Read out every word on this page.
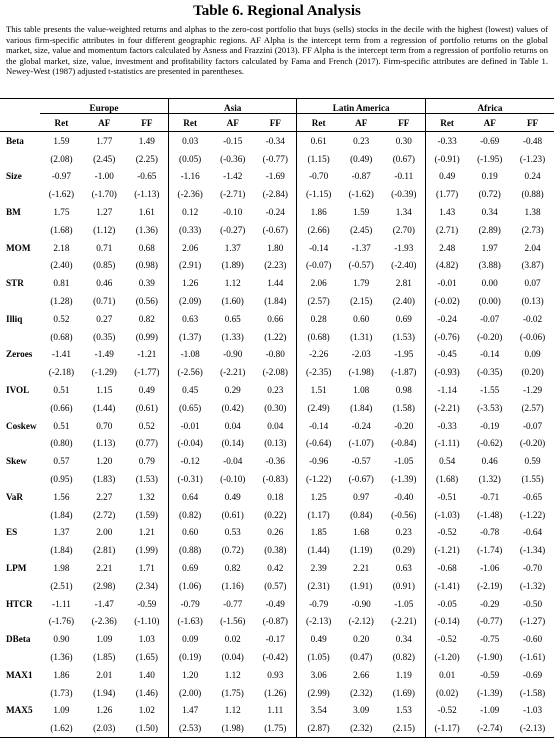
Table 6. Regional Analysis
This table presents the value-weighted returns and alphas to the zero-cost portfolio that buys (sells) stocks in the decile with the highest (lowest) values of various firm-specific attributes in four different geographic regions. AF Alpha is the intercept term from a regression of portfolio returns on the global market, size, value and momentum factors calculated by Asness and Frazzini (2013). FF Alpha is the intercept term from a regression of portfolio returns on the global market, size, value, investment and profitability factors calculated by Fama and French (2017). Firm-specific attributes are defined in Table 1. Newey-West (1987) adjusted t-statistics are presented in parentheses.
	Europe			Asia			Latin America			Africa		
	Ret	AF	FF	Ret	AF	FF	Ret	AF	FF	Ret	AF	FF
Beta	1.59	1.77	1.49	0.03	-0.15	-0.34	0.61	0.23	0.30	-0.33	-0.69	-0.48
	(2.08)	(2.45)	(2.25)	(0.05)	(-0.36)	(-0.77)	(1.15)	(0.49)	(0.67)	(-0.91)	(-1.95)	(-1.23)
Size	-0.97	-1.00	-0.65	-1.16	-1.42	-1.69	-0.70	-0.87	-0.11	0.49	0.19	0.24
	(-1.62)	(-1.70)	(-1.13)	(-2.36)	(-2.71)	(-2.84)	(-1.15)	(-1.62)	(-0.39)	(1.77)	(0.72)	(0.88)
BM	1.75	1.27	1.61	0.12	-0.10	-0.24	1.86	1.59	1.34	1.43	0.34	1.38
	(1.68)	(1.12)	(1.36)	(0.33)	(-0.27)	(-0.67)	(2.66)	(2.45)	(2.70)	(2.71)	(2.89)	(2.73)
MOM	2.18	0.71	0.68	2.06	1.37	1.80	-0.14	-1.37	-1.93	2.48	1.97	2.04
	(2.40)	(0.85)	(0.98)	(2.91)	(1.89)	(2.23)	(-0.07)	(-0.57)	(-2.40)	(4.82)	(3.88)	(3.87)
STR	0.81	0.46	0.39	1.26	1.12	1.44	2.06	1.79	2.81	-0.01	0.00	0.07
	(1.28)	(0.71)	(0.56)	(2.09)	(1.60)	(1.84)	(2.57)	(2.15)	(2.40)	(-0.02)	(0.00)	(0.13)
Illiq	0.52	0.27	0.82	0.63	0.65	0.66	0.28	0.60	0.69	-0.24	-0.07	-0.02
	(0.68)	(0.35)	(0.99)	(1.37)	(1.33)	(1.22)	(0.68)	(1.31)	(1.53)	(-0.76)	(-0.20)	(-0.06)
Zeroes	-1.41	-1.49	-1.21	-1.08	-0.90	-0.80	-2.26	-2.03	-1.95	-0.45	-0.14	0.09
	(-2.18)	(-1.29)	(-1.77)	(-2.56)	(-2.21)	(-2.08)	(-2.35)	(-1.98)	(-1.87)	(-0.93)	(-0.35)	(0.20)
IVOL	0.51	1.15	0.49	0.45	0.29	0.23	1.51	1.08	0.98	-1.14	-1.55	-1.29
	(0.66)	(1.44)	(0.61)	(0.65)	(0.42)	(0.30)	(2.49)	(1.84)	(1.58)	(-2.21)	(-3.53)	(2.57)
Coskew	0.51	0.70	0.52	-0.01	0.04	0.04	-0.14	-0.24	-0.20	-0.33	-0.19	-0.07
	(0.80)	(1.13)	(0.77)	(-0.04)	(0.14)	(0.13)	(-0.64)	(-1.07)	(-0.84)	(-1.11)	(-0.62)	(-0.20)
Skew	0.57	1.20	0.79	-0.12	-0.04	-0.36	-0.96	-0.57	-1.05	0.54	0.46	0.59
	(0.95)	(1.83)	(1.53)	(-0.31)	(-0.10)	(-0.83)	(-1.22)	(-0.67)	(-1.39)	(1.68)	(1.32)	(1.55)
VaR	1.56	2.27	1.32	0.64	0.49	0.18	1.25	0.97	-0.40	-0.51	-0.71	-0.65
	(1.84)	(2.72)	(1.59)	(0.82)	(0.61)	(0.22)	(1.17)	(0.84)	(-0.56)	(-1.03)	(-1.48)	(-1.22)
ES	1.37	2.00	1.21	0.60	0.53	0.26	1.85	1.68	0.23	-0.52	-0.78	-0.64
	(1.84)	(2.81)	(1.99)	(0.88)	(0.72)	(0.38)	(1.44)	(1.19)	(0.29)	(-1.21)	(-1.74)	(-1.34)
LPM	1.98	2.21	1.71	0.69	0.82	0.42	2.39	2.21	0.63	-0.68	-1.06	-0.70
	(2.51)	(2.98)	(2.34)	(1.06)	(1.16)	(0.57)	(2.31)	(1.91)	(0.91)	(-1.41)	(-2.19)	(-1.32)
HTCR	-1.11	-1.47	-0.59	-0.79	-0.77	-0.49	-0.79	-0.90	-1.05	-0.05	-0.29	-0.50
	(-1.76)	(-2.36)	(-1.10)	(-1.63)	(-1.56)	(-0.87)	(-2.13)	(-2.12)	(-2.21)	(-0.14)	(-0.77)	(-1.27)
DBeta	0.90	1.09	1.03	0.09	0.02	-0.17	0.49	0.20	0.34	-0.52	-0.75	-0.60
	(1.36)	(1.85)	(1.65)	(0.19)	(0.04)	(-0.42)	(1.05)	(0.47)	(0.82)	(-1.20)	(-1.90)	(-1.61)
MAX1	1.86	2.01	1.40	1.20	1.12	0.93	3.06	2.66	1.19	0.01	-0.59	-0.69
	(1.73)	(1.94)	(1.46)	(2.00)	(1.75)	(1.26)	(2.99)	(2.32)	(1.69)	(0.02)	(-1.39)	(-1.58)
MAX5	1.09	1.26	1.02	1.47	1.12	1.11	3.54	3.09	1.53	-0.52	-1.09	-1.03
	(1.62)	(2.03)	(1.50)	(2.53)	(1.98)	(1.75)	(2.87)	(2.32)	(2.15)	(-1.17)	(-2.74)	(-2.13)
